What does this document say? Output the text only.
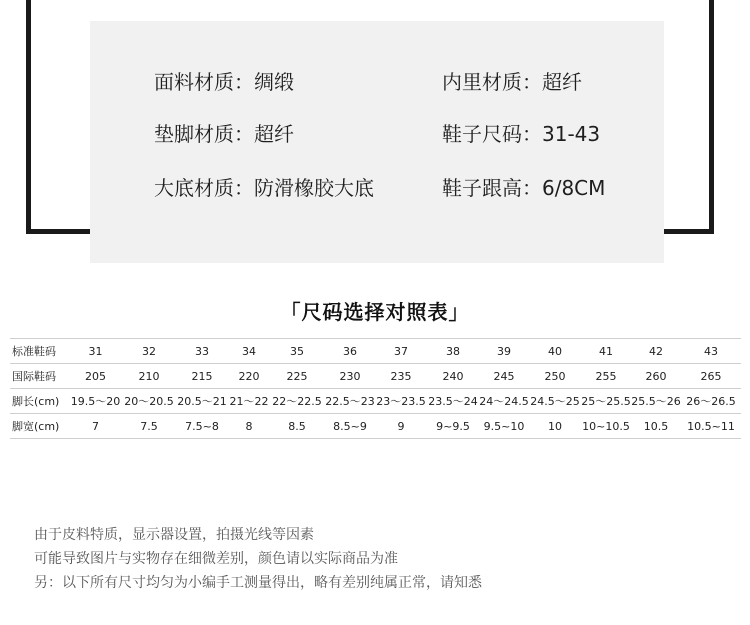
面料材质：绸缎	内里材质：超纤
垫脚材质：超纤	鞋子尺码：31-43
大底材质：防滑橡胶大底	鞋子跟高：6/8CM
「尺码选择对照表」
标准鞋码	31	32	33	34	35	36	37	38	39	40	41	42	43
国际鞋码	205	210	215	220	225	230	235	240	245	250	255	260	265
脚长(cm)	19.5～20	20～20.5	20.5～21	21～22	22～22.5	22.5～23	23～23.5	23.5～24	24～24.5	24.5～25	25～25.5	25.5～26	26～26.5
脚宽(cm)	7	7.5	7.5~8	8	8.5	8.5~9	9	9~9.5	9.5~10	10	10~10.5	10.5	10.5~11
由于皮料特质，显示器设置，拍摄光线等因素
可能导致图片与实物存在细微差别，颜色请以实际商品为准
另：以下所有尺寸均匀为小编手工测量得出，略有差别纯属正常，请知悉
